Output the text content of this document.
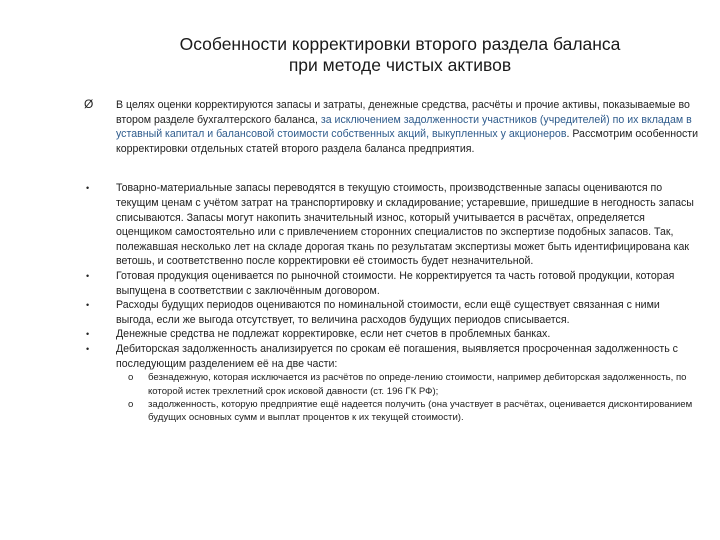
Особенности корректировки второго раздела баланса
при методе чистых активов
Ø В целях оценки корректируются запасы и затраты, денежные средства, расчёты и прочие активы, показываемые во втором разделе бухгалтерского баланса, за исключением задолженности участников (учредителей) по их вкладам в уставный капитал и балансовой стоимости собственных акций, выкупленных у акционеров. Рассмотрим особенности корректировки отдельных статей второго раздела баланса предприятия.
•	Товарно-материальные запасы переводятся в текущую стоимость, производственные запасы оцениваются по текущим ценам с учётом затрат на транспортировку и складирование; устаревшие, пришедшие в негодность запасы списываются. Запасы могут накопить значительный износ, который учитывается в расчётах, определяется оценщиком самостоятельно или с привлечением сторонних специалистов по экспертизе подобных запасов. Так, полежавшая несколько лет на складе дорогая ткань по результатам экспертизы может быть идентифицирована как ветошь, и соответственно после корректировки её стоимость будет незначительной.
•	Готовая продукция оценивается по рыночной стоимости. Не корректируется та часть готовой продукции, которая выпущена в соответствии с заключённым договором.
•	Расходы будущих периодов оцениваются по номинальной стоимости, если ещё существует связанная с ними выгода, если же выгода отсутствует, то величина расходов будущих периодов списывается.
•	Денежные средства не подлежат корректировке, если нет счетов в проблемных банках.
•	Дебиторская задолженность анализируется по срокам её погашения, выявляется просроченная задолженность с последующим разделением её на две части:
o безнадежную, которая исключается из расчётов по опреде-лению стоимости, например дебиторская задолженность, по которой истек трехлетний срок исковой давности (ст. 196 ГК РФ);
o задолженность, которую предприятие ещё надеется получить (она участвует в расчётах, оценивается дисконтированием будущих основных сумм и выплат процентов к их текущей стоимости).
